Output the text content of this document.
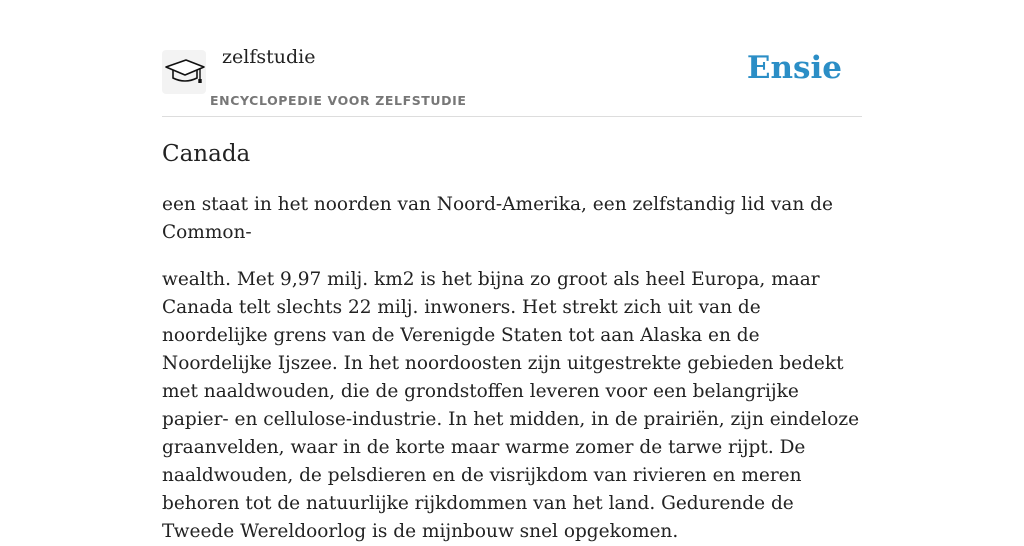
zelfstudie
ENCYCLOPEDIE VOOR ZELFSTUDIE
Ensie
Canada

een staat in het noorden van Noord-Amerika, een zelfstandig lid van de Common-

wealth. Met 9,97 milj. km2 is het bijna zo groot als heel Europa, maar Canada telt slechts 22 milj. inwoners. Het strekt zich uit van de noordelijke grens van de Verenigde Staten tot aan Alaska en de Noordelijke Ijszee. In het noordoosten zijn uitgestrekte gebieden bedekt met naaldwouden, die de grondstoffen leveren voor een belangrijke papier- en cellulose-industrie. In het midden, in de prairiën, zijn eindeloze graanvelden, waar in de korte maar warme zomer de tarwe rijpt. De naaldwouden, de pelsdieren en de visrijkdom van rivieren en meren behoren tot de natuurlijke rijkdommen van het land. Gedurende de Tweede Wereldoorlog is de mijnbouw snel opgekomen.
